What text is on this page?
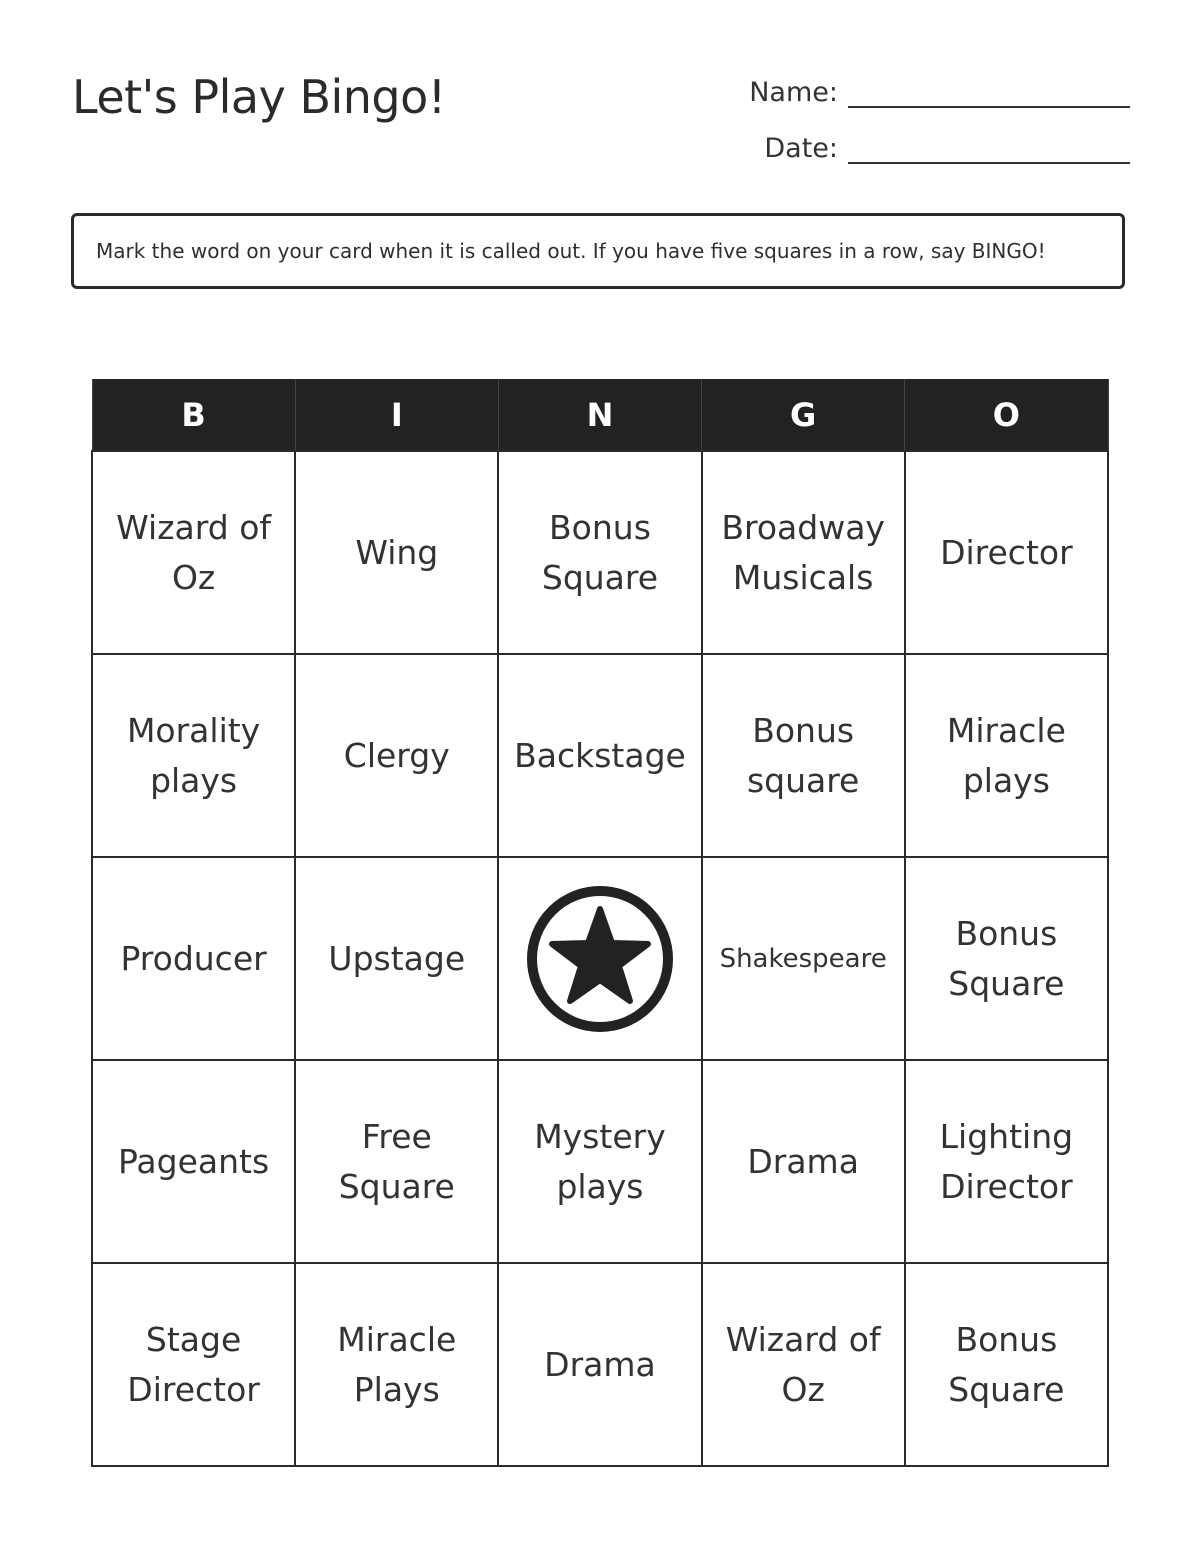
Let's Play Bingo!	Name:
Date:
Mark the word on your card when it is called out. If you have five squares in a row, say BINGO!
B	I	N	G	O
Wizard of Oz	Wing	Bonus Square	Broadway Musicals	Director
Morality plays	Clergy	Backstage	Bonus square	Miracle plays
Producer	Upstage		Shakespeare	Bonus Square
Pageants	Free Square	Mystery plays	Drama	Lighting Director
Stage Director	Miracle Plays	Drama	Wizard of Oz	Bonus Square
